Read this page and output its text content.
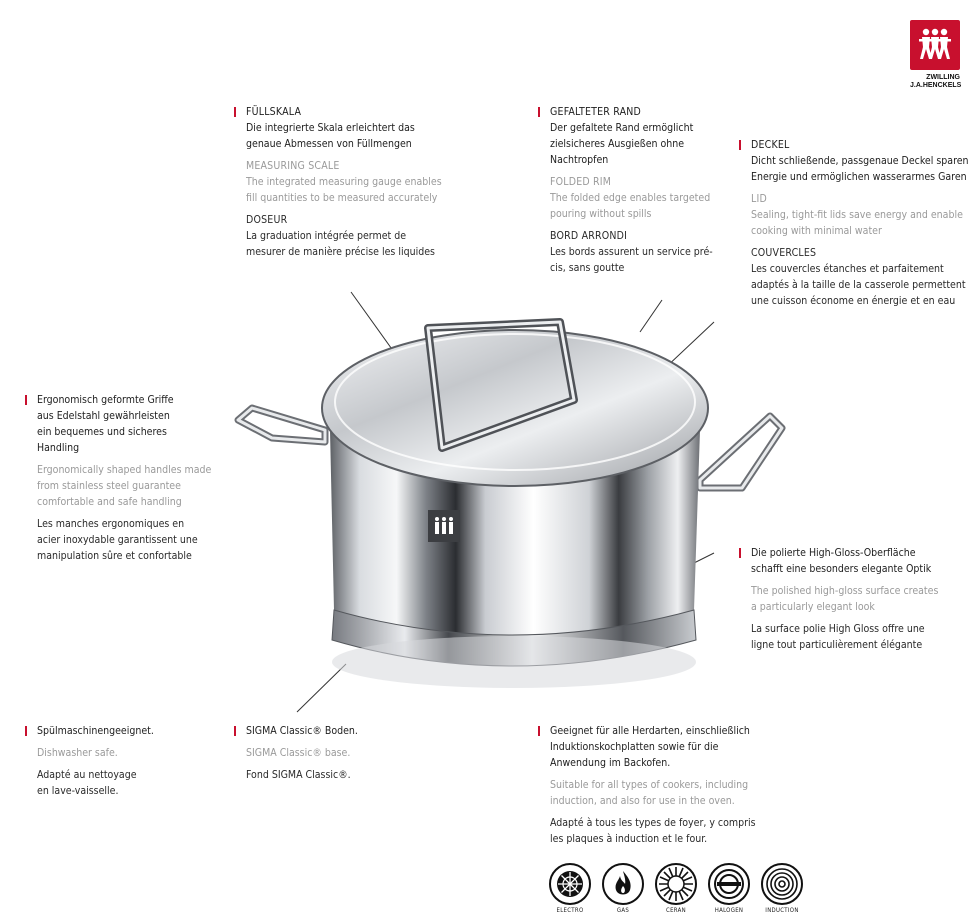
ZWILLING
J.A.HENCKELS

FÜLLSKALA

Die integrierte Skala erleichtert das

genaue Abmessen von Füllmengen

MEASURING SCALE

The integrated measuring gauge enables

fill quantities to be measured accurately

DOSEUR

La graduation intégrée permet de

mesurer de manière précise les liquides

GEFALTETER RAND

Der gefaltete Rand ermöglicht

zielsicheres Ausgießen ohne

Nachtropfen

FOLDED RIM

The folded edge enables targeted

pouring without spills

BORD ARRONDI

Les bords assurent un service pré-

cis, sans goutte

DECKEL

Dicht schließende, passgenaue Deckel sparen

Energie und ermöglichen wasserarmes Garen

LID

Sealing, tight-fit lids save energy and enable

cooking with minimal water

COUVERCLES

Les couvercles étanches et parfaitement

adaptés à la taille de la casserole permettent

une cuisson économe en énergie et en eau

Ergonomisch geformte Griffe

aus Edelstahl gewährleisten

ein bequemes und sicheres

Handling

Ergonomically shaped handles made

from stainless steel guarantee

comfortable and safe handling

Les manches ergonomiques en

acier inoxydable garantissent une

manipulation sûre et confortable	Die polierte High-Gloss-Oberfläche

schafft eine besonders elegante Optik

The polished high-gloss surface creates

a particularly elegant look

La surface polie High Gloss offre une

ligne tout particulièrement élégante

Spülmaschinengeeignet.

Dishwasher safe.

Adapté au nettoyage

en lave-vaisselle.

SIGMA Classic® Boden.

SIGMA Classic® base.

Fond SIGMA Classic®.

Geeignet für alle Herdarten, einschließlich

Induktionskochplatten sowie für die

Anwendung im Backofen.

Suitable for all types of cookers, including

induction, and also for use in the oven.

Adapté à tous les types de foyer, y compris

les plaques à induction et le four.

ELECTRO	GAS	CERAN	HALOGEN	INDUCTION
